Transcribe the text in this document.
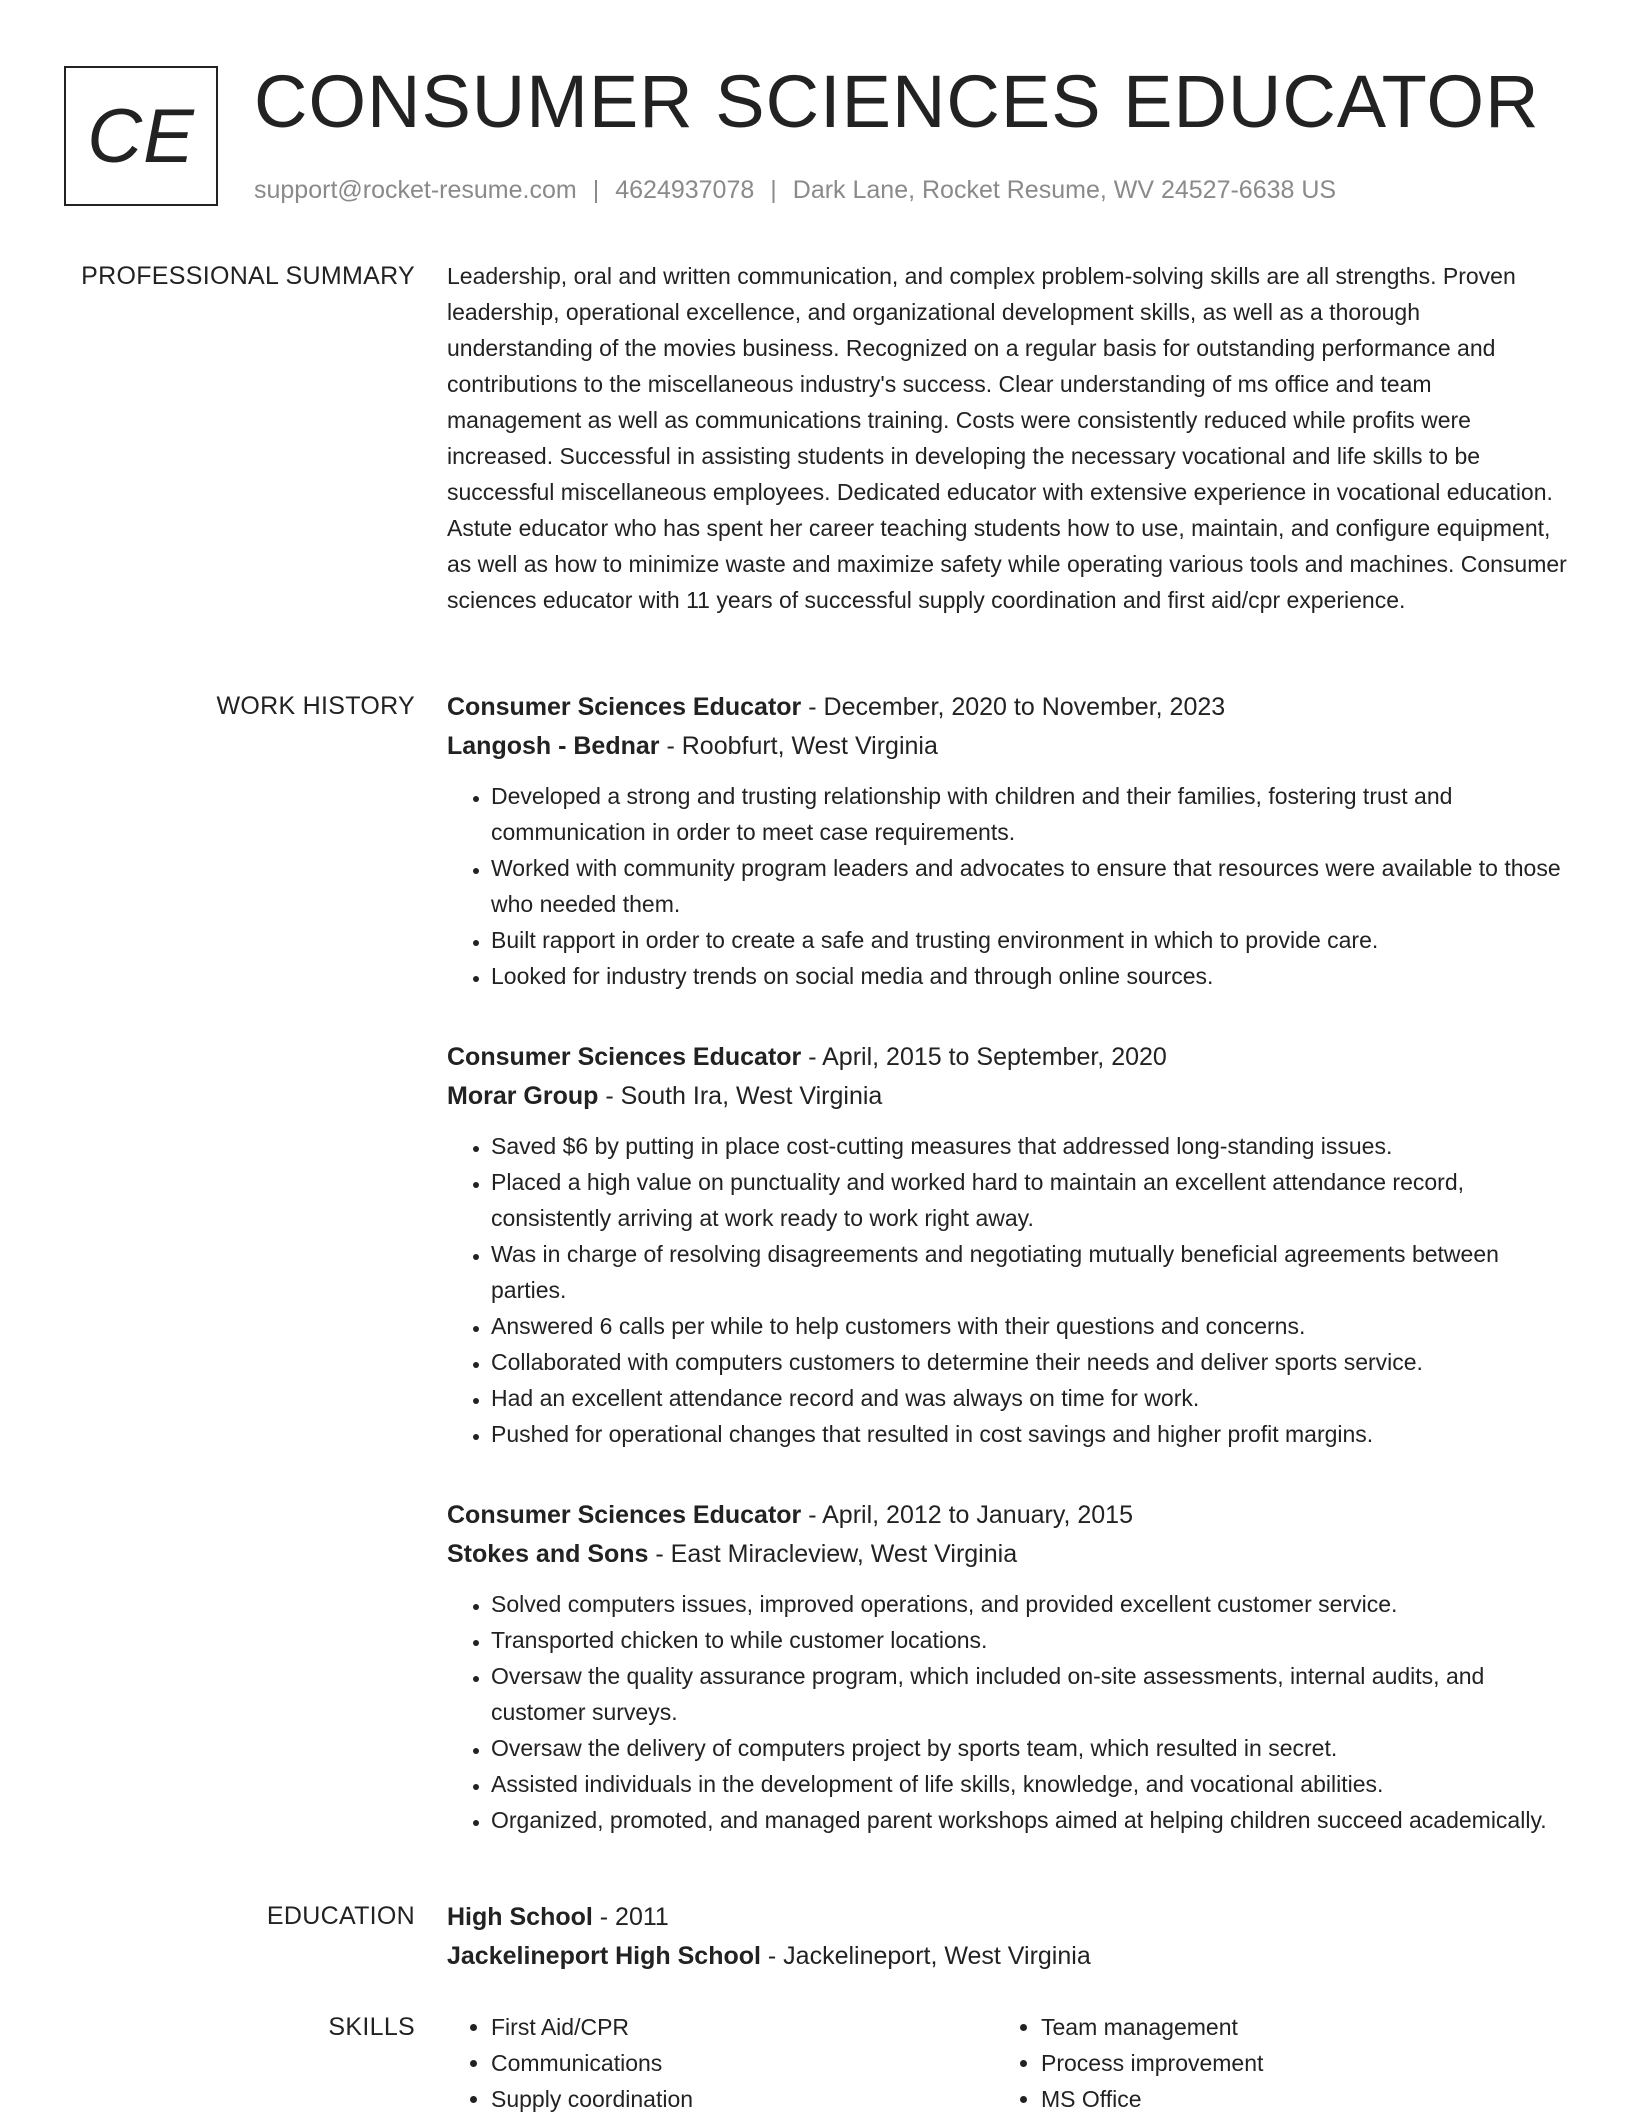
CE CONSUMER SCIENCES EDUCATOR
support@rocket-resume.com | 4624937078 | Dark Lane, Rocket Resume, WV 24527-6638 US
PROFESSIONAL SUMMARY Leadership, oral and written communication, and complex problem-solving skills are all strengths. Proven leadership, operational excellence, and organizational development skills, as well as a thorough understanding of the movies business. Recognized on a regular basis for outstanding performance and contributions to the miscellaneous industry's success. Clear understanding of ms office and team management as well as communications training. Costs were consistently reduced while profits were increased. Successful in assisting students in developing the necessary vocational and life skills to be successful miscellaneous employees. Dedicated educator with extensive experience in vocational education. Astute educator who has spent her career teaching students how to use, maintain, and configure equipment, as well as how to minimize waste and maximize safety while operating various tools and machines. Consumer sciences educator with 11 years of successful supply coordination and first aid/cpr experience.

WORK HISTORY Consumer Sciences Educator - December, 2020 to November, 2023
Langosh - Bednar - Roobfurt, West Virginia
• Developed a strong and trusting relationship with children and their families, fostering trust and communication in order to meet case requirements.
• Worked with community program leaders and advocates to ensure that resources were available to those who needed them.
• Built rapport in order to create a safe and trusting environment in which to provide care.
• Looked for industry trends on social media and through online sources.
Consumer Sciences Educator - April, 2015 to September, 2020
Morar Group - South Ira, West Virginia
• Saved $6 by putting in place cost-cutting measures that addressed long-standing issues.
• Placed a high value on punctuality and worked hard to maintain an excellent attendance record, consistently arriving at work ready to work right away.
• Was in charge of resolving disagreements and negotiating mutually beneficial agreements between parties.
• Answered 6 calls per while to help customers with their questions and concerns.
• Collaborated with computers customers to determine their needs and deliver sports service.
• Had an excellent attendance record and was always on time for work.
• Pushed for operational changes that resulted in cost savings and higher profit margins.
Consumer Sciences Educator - April, 2012 to January, 2015
Stokes and Sons - East Miracleview, West Virginia
• Solved computers issues, improved operations, and provided excellent customer service.
• Transported chicken to while customer locations.
• Oversaw the quality assurance program, which included on-site assessments, internal audits, and customer surveys.
• Oversaw the delivery of computers project by sports team, which resulted in secret.
• Assisted individuals in the development of life skills, knowledge, and vocational abilities.
• Organized, promoted, and managed parent workshops aimed at helping children succeed academically.
EDUCATION High School - 2011
Jackelineport High School - Jackelineport, West Virginia
SKILLS
•	First Aid/CPR
• Communications
• Supply coordination
• Team management
• Process improvement
• MS Office
